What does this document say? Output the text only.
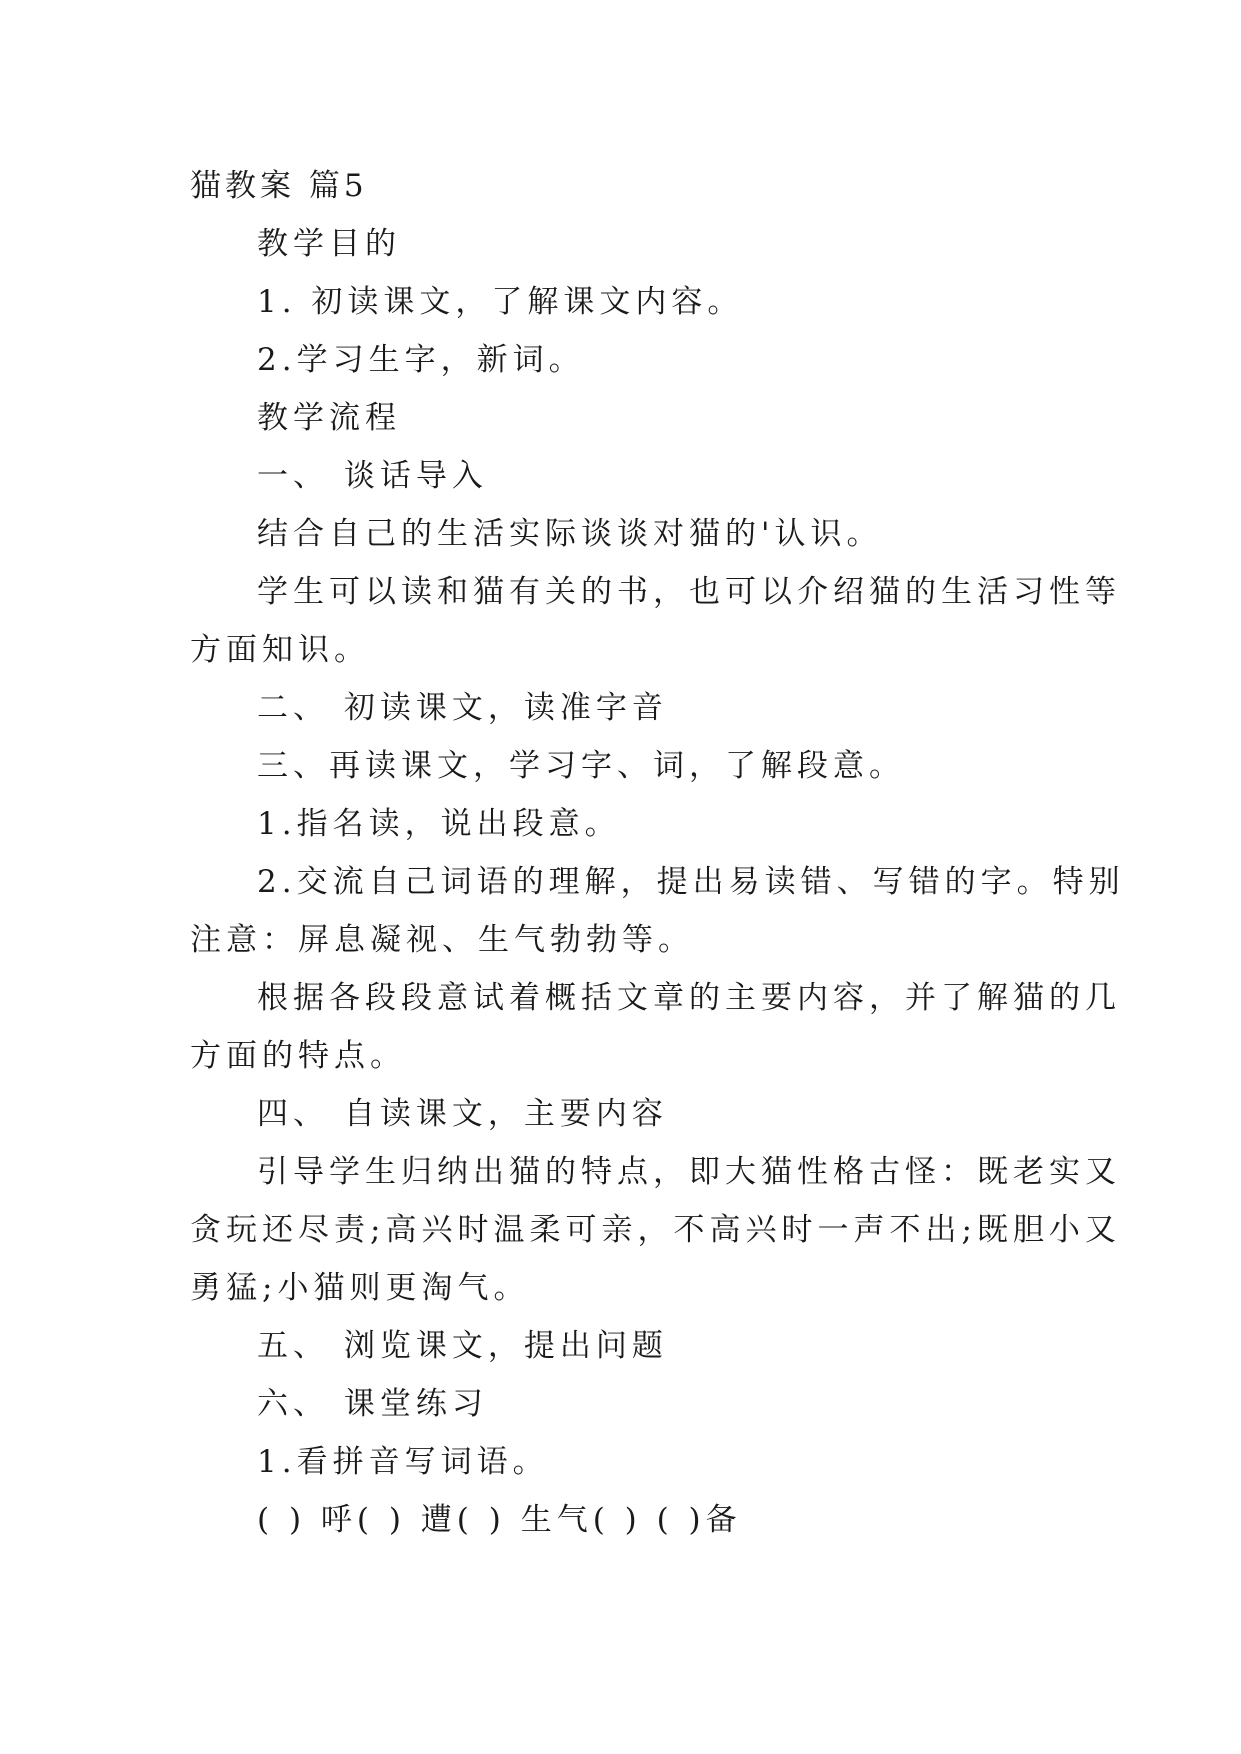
猫教案 篇5
教学目的
1. 初读课文，了解课文内容。
2.学习生字，新词。
教学流程
一、 谈话导入
结合自己的生活实际谈谈对猫的'认识。
学生可以读和猫有关的书，也可以介绍猫的生活习性等
方面知识。
二、 初读课文，读准字音
三、再读课文，学习字、词，了解段意。
1.指名读，说出段意。
2.交流自己词语的理解，提出易读错、写错的字。特别
注意：屏息凝视、生气勃勃等。
根据各段段意试着概括文章的主要内容，并了解猫的几
方面的特点。
四、 自读课文，主要内容
引导学生归纳出猫的特点，即大猫性格古怪：既老实又
贪玩还尽责;高兴时温柔可亲，不高兴时一声不出;既胆小又
勇猛;小猫则更淘气。
五、 浏览课文，提出问题
六、 课堂练习
1.看拼音写词语。
( ) 呼( ) 遭( ) 生气( ) ( )备
